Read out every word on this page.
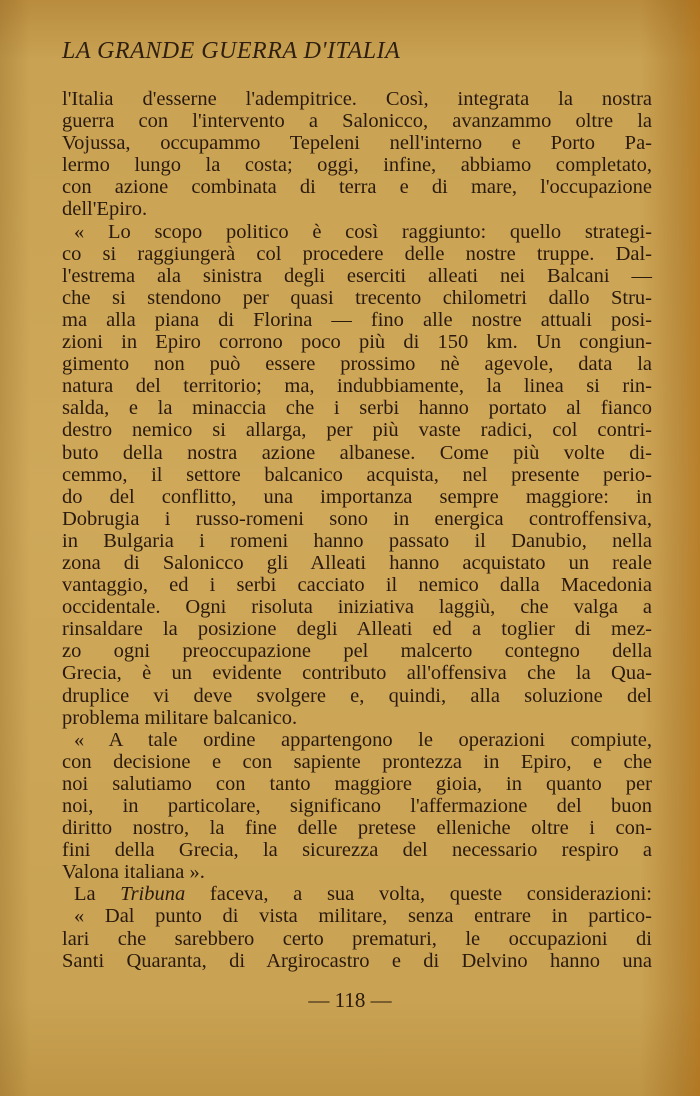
LA GRANDE GUERRA D'ITALIA
l'Italia d'esserne l'adempitrice. Così, integrata la nostra
guerra con l'intervento a Salonicco, avanzammo oltre la
Vojussa, occupammo Tepeleni nell'interno e Porto Pa-
lermo lungo la costa; oggi, infine, abbiamo completato,
con azione combinata di terra e di mare, l'occupazione
dell'Epiro.
« Lo scopo politico è così raggiunto: quello strategi-
co si raggiungerà col procedere delle nostre truppe. Dal-
l'estrema ala sinistra degli eserciti alleati nei Balcani —
che si stendono per quasi trecento chilometri dallo Stru-
ma alla piana di Florina — fino alle nostre attuali posi-
zioni in Epiro corrono poco più di 150 km. Un congiun-
gimento non può essere prossimo nè agevole, data la
natura del territorio; ma, indubbiamente, la linea si rin-
salda, e la minaccia che i serbi hanno portato al fianco
destro nemico si allarga, per più vaste radici, col contri-
buto della nostra azione albanese. Come più volte di-
cemmo, il settore balcanico acquista, nel presente perio-
do del conflitto, una importanza sempre maggiore: in
Dobrugia i russo-romeni sono in energica controffensiva,
in Bulgaria i romeni hanno passato il Danubio, nella
zona di Salonicco gli Alleati hanno acquistato un reale
vantaggio, ed i serbi cacciato il nemico dalla Macedonia
occidentale. Ogni risoluta iniziativa laggiù, che valga a
rinsaldare la posizione degli Alleati ed a toglier di mez-
zo ogni preoccupazione pel malcerto contegno della
Grecia, è un evidente contributo all'offensiva che la Qua-
druplice vi deve svolgere e, quindi, alla soluzione del
problema militare balcanico.
« A tale ordine appartengono le operazioni compiute,
con decisione e con sapiente prontezza in Epiro, e che
noi salutiamo con tanto maggiore gioia, in quanto per
noi, in particolare, significano l'affermazione del buon
diritto nostro, la fine delle pretese elleniche oltre i con-
fini della Grecia, la sicurezza del necessario respiro a
Valona italiana ».
La Tribuna faceva, a sua volta, queste considerazioni:
« Dal punto di vista militare, senza entrare in partico-
lari che sarebbero certo prematuri, le occupazioni di
Santi Quaranta, di Argirocastro e di Delvino hanno una
— 118 —
